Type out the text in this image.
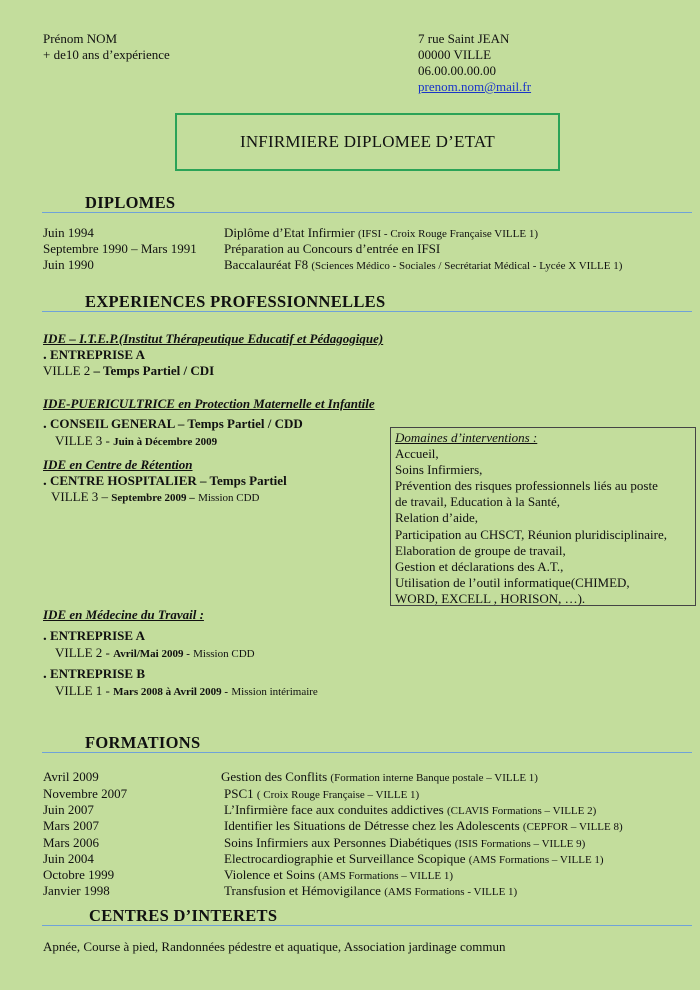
Prénom NOM
+ de10 ans d’expérience
7 rue Saint JEAN
00000 VILLE
06.00.00.00.00
prenom.nom@mail.fr
INFIRMIERE DIPLOMEE D’ETAT
DIPLOMES
Juin 1994	Diplôme d’Etat Infirmier (IFSI - Croix Rouge Française VILLE 1)
Septembre 1990 – Mars 1991 Préparation au Concours d’entrée en IFSI
Juin 1990	Baccalauréat F8 (Sciences Médico - Sociales / Secrétariat Médical - Lycée X VILLE 1)
EXPERIENCES PROFESSIONNELLES
IDE – I.T.E.P.(Institut Thérapeutique Educatif et Pédagogique)
. ENTREPRISE A
VILLE 2 – Temps Partiel / CDI
IDE-PUERICULTRICE en Protection Maternelle et Infantile
. CONSEIL GENERAL – Temps Partiel / CDD
VILLE 3 - Juin à Décembre 2009
IDE en Centre de Rétention
. CENTRE HOSPITALIER – Temps Partiel
VILLE 3 – Septembre 2009 – Mission CDD
Domaines d’interventions :
Accueil,
Soins Infirmiers,
Prévention des risques professionnels liés au poste
de travail, Education à la Santé,
Relation d’aide,
Participation au CHSCT, Réunion pluridisciplinaire,
Elaboration de groupe de travail,
Gestion et déclarations des A.T.,
Utilisation de l’outil informatique(CHIMED,
WORD, EXCELL , HORISON, …).
IDE en Médecine du Travail :
. ENTREPRISE A
VILLE 2 - Avril/Mai 2009 - Mission CDD
. ENTREPRISE B
VILLE 1 - Mars 2008 à Avril 2009 - Mission intérimaire
FORMATIONS
Avril 2009	Gestion des Conflits (Formation interne Banque postale – VILLE 1)
Novembre 2007	PSC1 ( Croix Rouge Française – VILLE 1)
Juin 2007	L’Infirmière face aux conduites addictives (CLAVIS Formations – VILLE 2)
Mars 2007	Identifier les Situations de Détresse chez les Adolescents (CEPFOR – VILLE 8)
Mars 2006	Soins Infirmiers aux Personnes Diabétiques (ISIS Formations – VILLE 9)
Juin 2004	Electrocardiographie et Surveillance Scopique (AMS Formations – VILLE 1)
Octobre 1999	Violence et Soins (AMS Formations – VILLE 1)
Janvier 1998	Transfusion et Hémovigilance (AMS Formations - VILLE 1)
CENTRES D’INTERETS
Apnée, Course à pied, Randonnées pédestre et aquatique, Association jardinage commun
